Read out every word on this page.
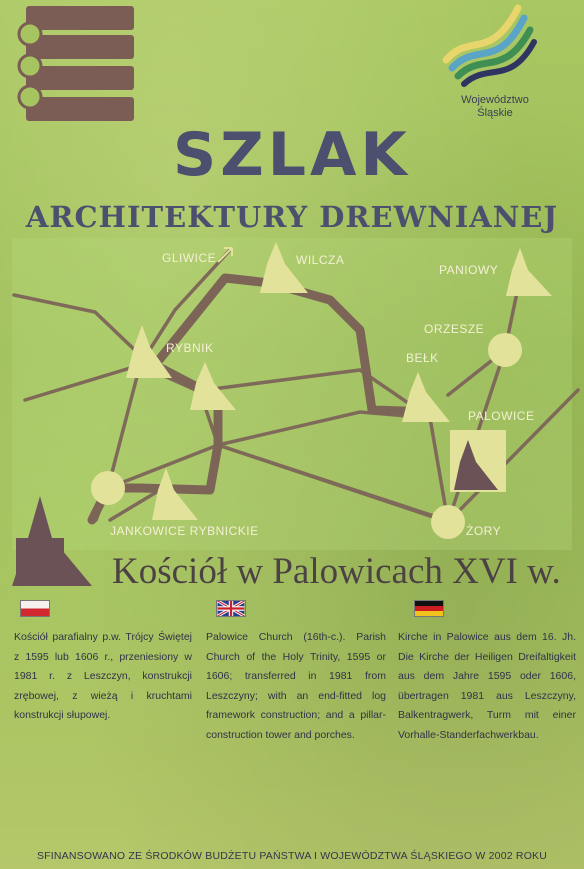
Województwo
Śląskie
SZLAK
ARCHITEKTURY DREWNIANEJ
GLIWICE	WILCZA
PANIOWY
RYBNIK
ORZESZE
BEŁK
PALOWICE
JANKOWICE RYBNICKIE	ŻORY
Kościół w Palowicach XVI w.
Kościół parafialny p.w. Trójcy Świętej z 1595 lub 1606 r., przeniesiony w 1981 r. z Leszczyn, konstrukcji zrębowej, z wieżą i kruchtami konstrukcji słupowej.
Palowice Church (16th-c.). Parish Church of the Holy Trinity, 1595 or 1606; transferred in 1981 from Leszczyny; with an end-fitted log framework construction; and a pillar-construction tower and porches.
Kirche in Palowice aus dem 16. Jh. Die Kirche der Heiligen Dreifaltigkeit aus dem Jahre 1595 oder 1606, übertragen 1981 aus Leszczyny, Balkentragwerk, Turm mit einer Vorhalle-Standerfachwerkbau.
SFINANSOWANO ZE ŚRODKÓW BUDŻETU PAŃSTWA I WOJEWÓDZTWA ŚLĄSKIEGO W 2002 ROKU
